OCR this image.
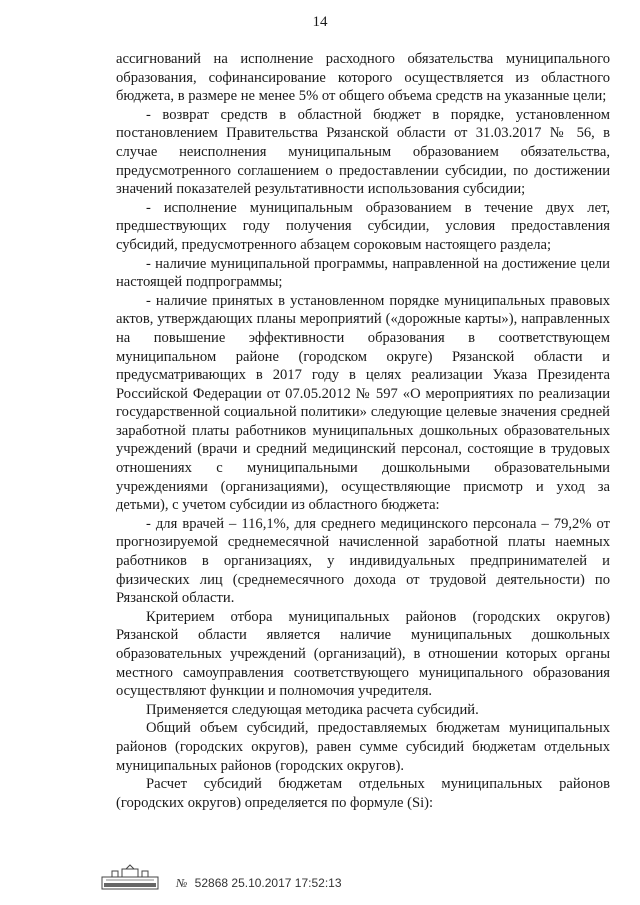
14

ассигнований на исполнение расходного обязательства муниципального образования, софинансирование которого осуществляется из областного бюджета, в размере не менее 5% от общего объема средств на указанные цели;

- возврат средств в областной бюджет в порядке, установленном постановлением Правительства Рязанской области от 31.03.2017 № 56, в случае неисполнения муниципальным образованием обязательства, предусмотренного соглашением о предоставлении субсидии, по достижении значений показателей результативности использования субсидии;

- исполнение муниципальным образованием в течение двух лет, предшествующих году получения субсидии, условия предоставления субсидий, предусмотренного абзацем сороковым настоящего раздела;

- наличие муниципальной программы, направленной на достижение цели настоящей подпрограммы;

- наличие принятых в установленном порядке муниципальных правовых актов, утверждающих планы мероприятий («дорожные карты»), направленных на повышение эффективности образования в соответствующем муниципальном районе (городском округе) Рязанской области и предусматривающих в 2017 году в целях реализации Указа Президента Российской Федерации от 07.05.2012 № 597 «О мероприятиях по реализации государственной социальной политики» следующие целевые значения средней заработной платы работников муниципальных дошкольных образовательных учреждений (врачи и средний медицинский персонал, состоящие в трудовых отношениях с муниципальными дошкольными образовательными учреждениями (организациями), осуществляющие присмотр и уход за детьми), с учетом субсидии из областного бюджета:

- для врачей – 116,1%, для среднего медицинского персонала – 79,2% от прогнозируемой среднемесячной начисленной заработной платы наемных работников в организациях, у индивидуальных предпринимателей и физических лиц (среднемесячного дохода от трудовой деятельности) по Рязанской области.

Критерием отбора муниципальных районов (городских округов) Рязанской области является наличие муниципальных дошкольных образовательных учреждений (организаций), в отношении которых органы местного самоуправления соответствующего муниципального образования осуществляют функции и полномочия учредителя.

Применяется следующая методика расчета субсидий.

Общий объем субсидий, предоставляемых бюджетам муниципальных районов (городских округов), равен сумме субсидий бюджетам отдельных муниципальных районов (городских округов).

Расчет субсидий бюджетам отдельных муниципальных районов (городских округов) определяется по формуле (Si):

№ 52868 25.10.2017 17:52:13
